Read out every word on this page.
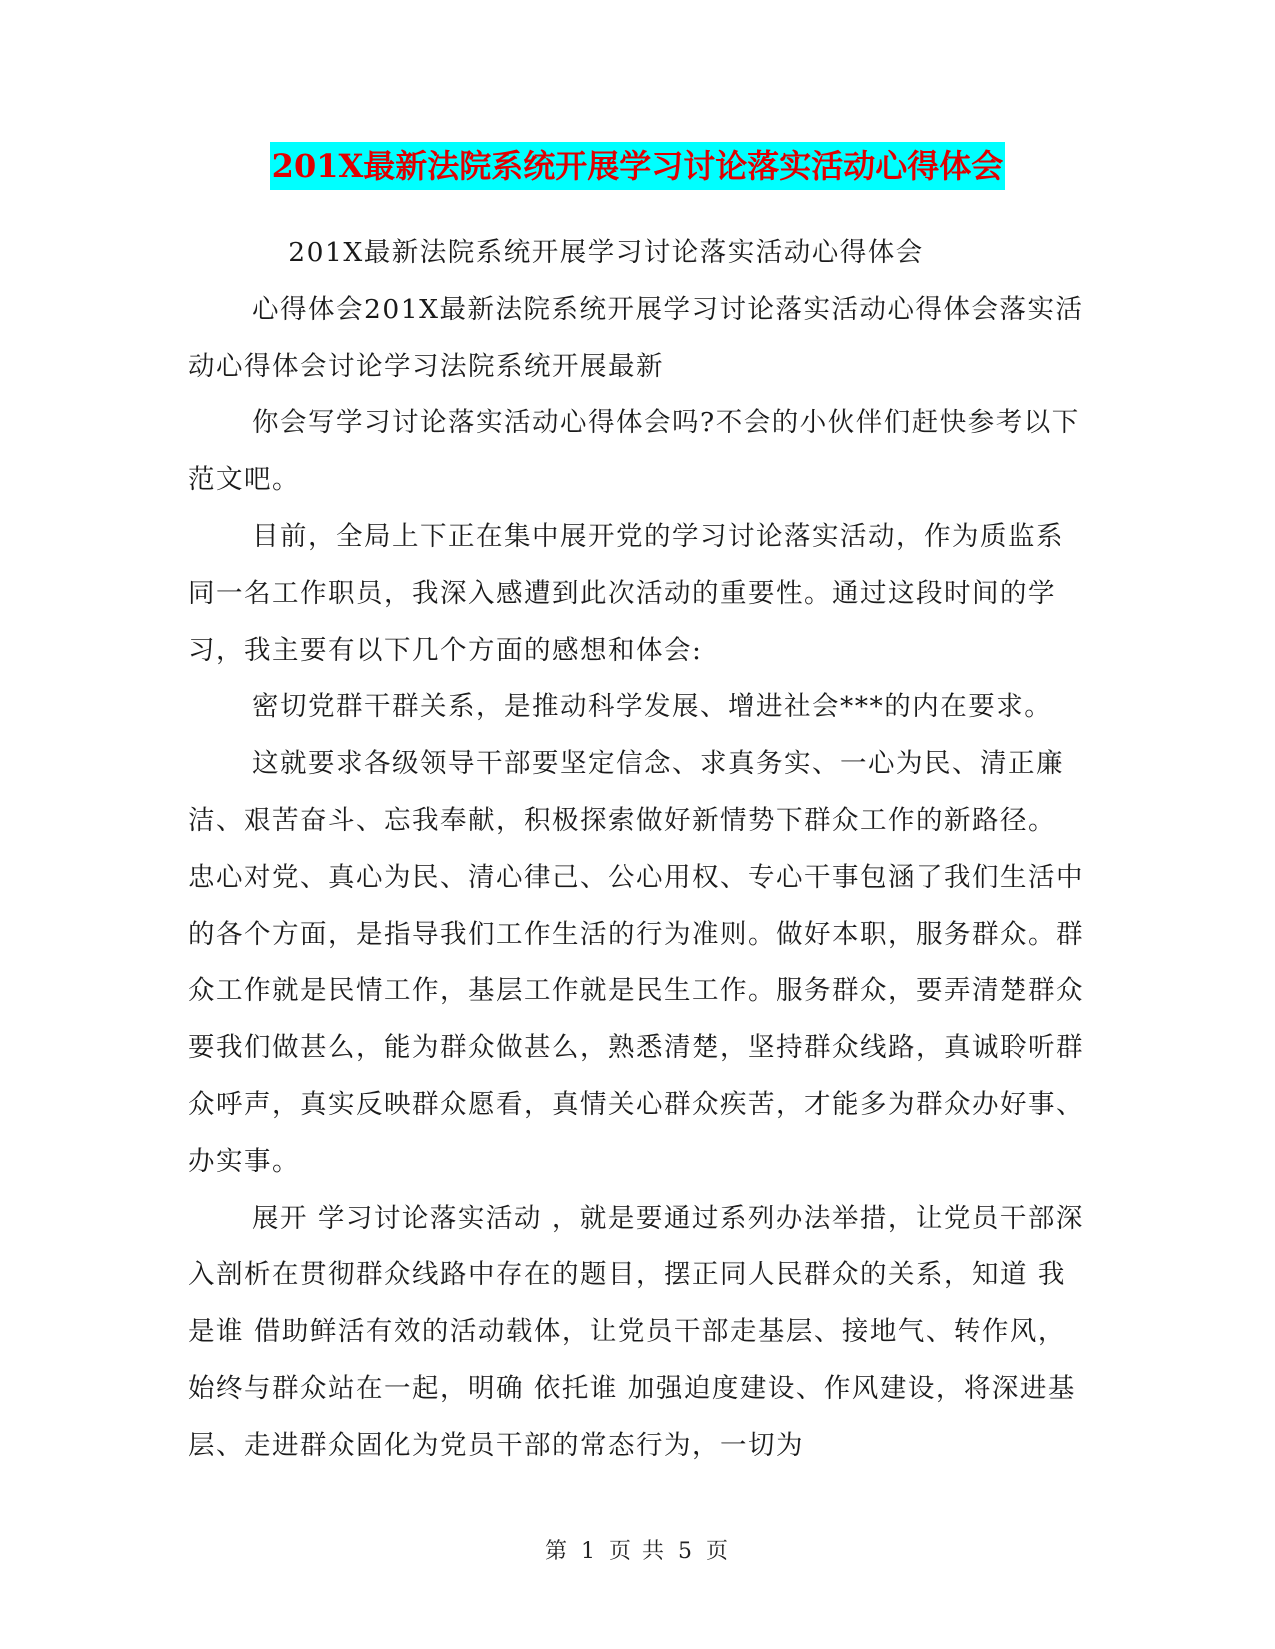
201X最新法院系统开展学习讨论落实活动心得体会

201X最新法院系统开展学习讨论落实活动心得体会

心得体会201X最新法院系统开展学习讨论落实活动心得体会落实活动心得体会讨论学习法院系统开展最新

你会写学习讨论落实活动心得体会吗?不会的小伙伴们赶快参考以下范文吧。

目前，全局上下正在集中展开党的学习讨论落实活动，作为质监系同一名工作职员，我深入感遭到此次活动的重要性。通过这段时间的学习，我主要有以下几个方面的感想和体会:

密切党群干群关系，是推动科学发展、增进社会***的内在要求。

这就要求各级领导干部要坚定信念、求真务实、一心为民、清正廉洁、艰苦奋斗、忘我奉献，积极探索做好新情势下群众工作的新路径。 忠心对党、真心为民、清心律己、公心用权、专心干事包涵了我们生活中的各个方面，是指导我们工作生活的行为准则。做好本职，服务群众。群众工作就是民情工作，基层工作就是民生工作。服务群众，要弄清楚群众要我们做甚么，能为群众做甚么，熟悉清楚，坚持群众线路，真诚聆听群众呼声，真实反映群众愿看，真情关心群众疾苦，才能多为群众办好事、办实事。

展开 学习讨论落实活动 ，就是要通过系列办法举措，让党员干部深入剖析在贯彻群众线路中存在的题目，摆正同人民群众的关系，知道 我是谁 借助鲜活有效的活动载体，让党员干部走基层、接地气、转作风，始终与群众站在一起，明确 依托谁 加强迫度建设、作风建设，将深进基层、走进群众固化为党员干部的常态行为，一切为

第 1 页 共 5 页
